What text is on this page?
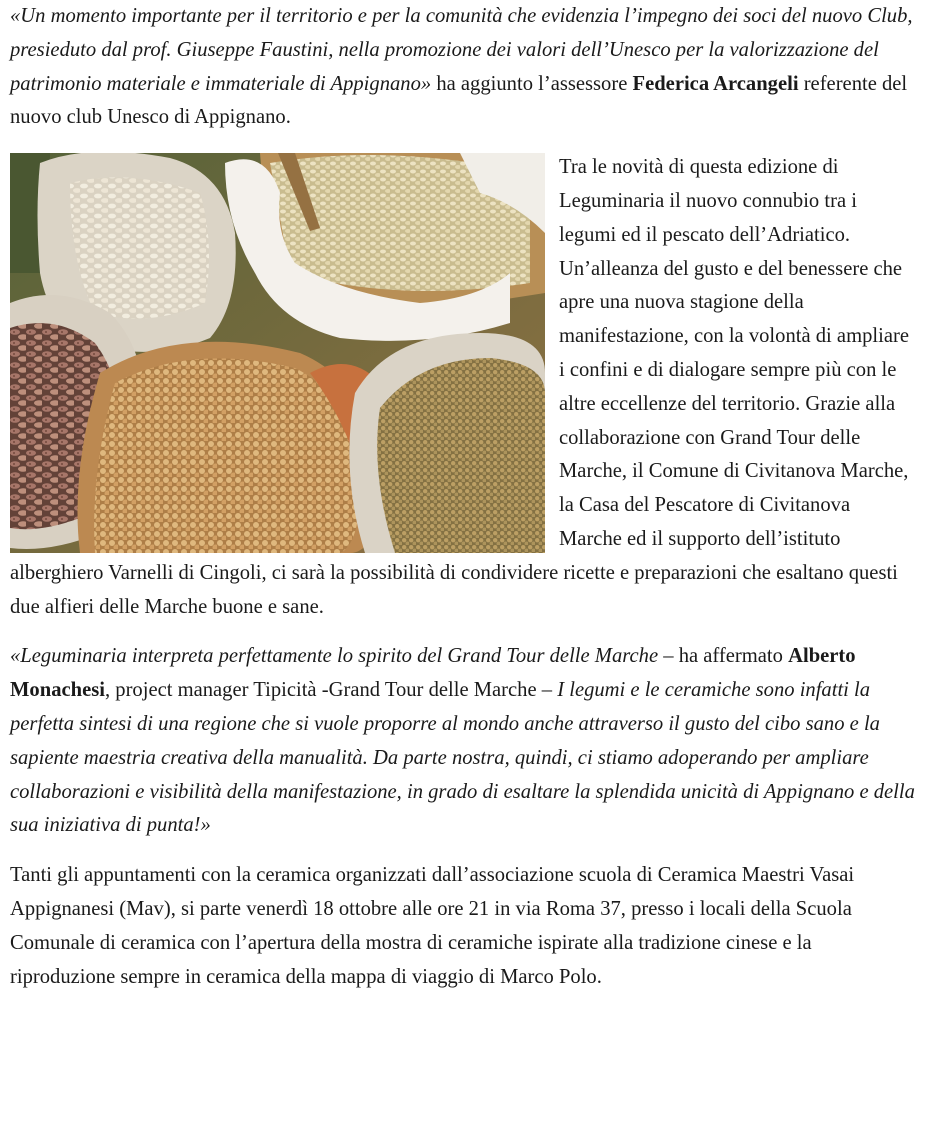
«Un momento importante per il territorio e per la comunità che evidenzia l’impegno dei soci del nuovo Club, presieduto dal prof. Giuseppe Faustini, nella promozione dei valori dell’Unesco per la valorizzazione del patrimonio materiale e immateriale di Appignano» ha aggiunto l’assessore Federica Arcangeli referente del nuovo club Unesco di Appignano.

Tra le novità di questa edizione di Leguminaria il nuovo connubio tra i legumi ed il pescato dell’Adriatico. Un’alleanza del gusto e del benessere che apre una nuova stagione della manifestazione, con la volontà di ampliare i confini e di dialogare sempre più con le altre eccellenze del territorio. Grazie alla collaborazione con Grand Tour delle Marche, il Comune di Civitanova Marche, la Casa del Pescatore di Civitanova Marche ed il supporto dell’istituto alberghiero Varnelli di Cingoli, ci sarà la possibilità di condividere ricette e preparazioni che esaltano questi due alfieri delle Marche buone e sane.

«Leguminaria interpreta perfettamente lo spirito del Grand Tour delle Marche – ha affermato Alberto Monachesi, project manager Tipicità -Grand Tour delle Marche – I legumi e le ceramiche sono infatti la perfetta sintesi di una regione che si vuole proporre al mondo anche attraverso il gusto del cibo sano e la sapiente maestria creativa della manualità. Da parte nostra, quindi, ci stiamo adoperando per ampliare collaborazioni e visibilità della manifestazione, in grado di esaltare la splendida unicità di Appignano e della sua iniziativa di punta!»

Tanti gli appuntamenti con la ceramica organizzati dall’associazione scuola di Ceramica Maestri Vasai Appignanesi (Mav), si parte venerdì 18 ottobre alle ore 21 in via Roma 37, presso i locali della Scuola Comunale di ceramica con l’apertura della mostra di ceramiche ispirate alla tradizione cinese e la riproduzione sempre in ceramica della mappa di viaggio di Marco Polo.
